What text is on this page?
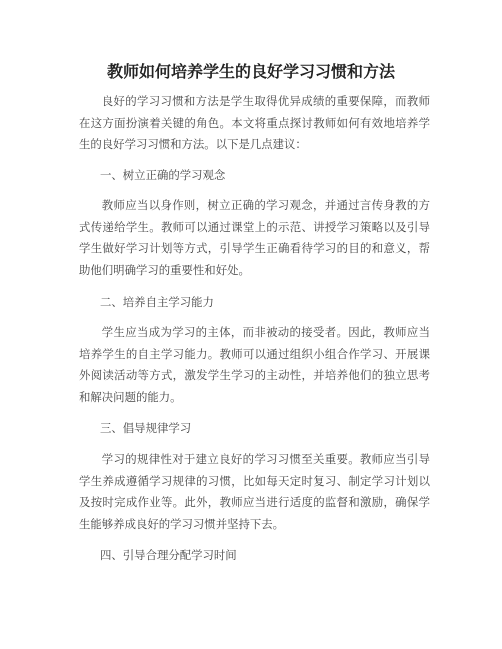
教师如何培养学生的良好学习习惯和方法

良好的学习习惯和方法是学生取得优异成绩的重要保障，而教师在这方面扮演着关键的角色。本文将重点探讨教师如何有效地培养学生的良好学习习惯和方法。以下是几点建议：

一、树立正确的学习观念

教师应当以身作则，树立正确的学习观念，并通过言传身教的方式传递给学生。教师可以通过课堂上的示范、讲授学习策略以及引导学生做好学习计划等方式，引导学生正确看待学习的目的和意义，帮助他们明确学习的重要性和好处。

二、培养自主学习能力

学生应当成为学习的主体，而非被动的接受者。因此，教师应当培养学生的自主学习能力。教师可以通过组织小组合作学习、开展课外阅读活动等方式，激发学生学习的主动性，并培养他们的独立思考和解决问题的能力。

三、倡导规律学习

学习的规律性对于建立良好的学习习惯至关重要。教师应当引导学生养成遵循学习规律的习惯，比如每天定时复习、制定学习计划以及按时完成作业等。此外，教师应当进行适度的监督和激励，确保学生能够养成良好的学习习惯并坚持下去。

四、引导合理分配学习时间
